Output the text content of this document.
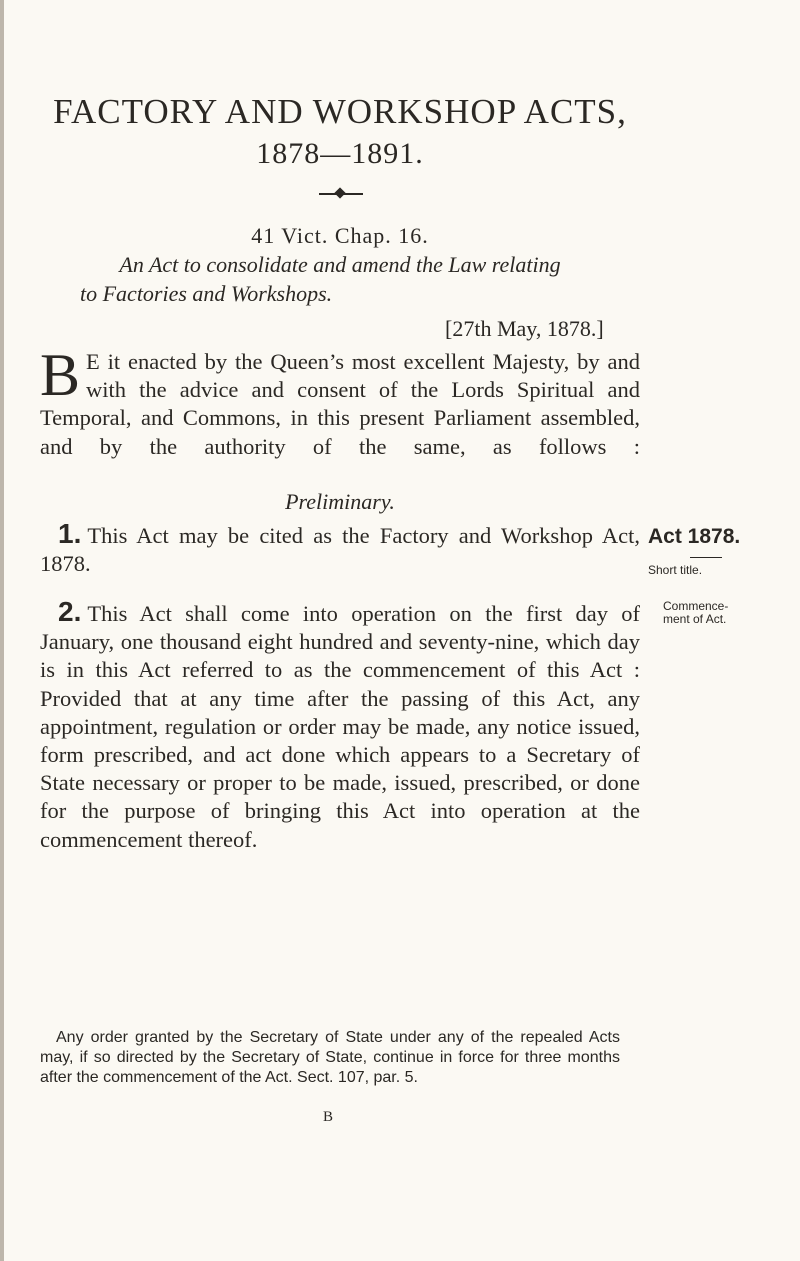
FACTORY AND WORKSHOP ACTS,
1878—1891.
41 Vict. Chap. 16.
An Act to consolidate and amend the Law relating
to Factories and Workshops.
[27th May, 1878.]
B E it enacted by the Queen’s most excellent Majesty, by and with the advice and consent of the Lords Spiritual and Temporal, and Commons, in this present Parliament assembled, and by the authority of the same, as follows :
Preliminary.
1. This Act may be cited as the Factory and Workshop Act, 1878.
2. This Act shall come into operation on the first day of January, one thousand eight hundred and seventy-nine, which day is in this Act referred to as the commencement of this Act : Provided that at any time after the passing of this Act, any appointment, regulation or order may be made, any notice issued, form prescribed, and act done which appears to a Secretary of State necessary or proper to be made, issued, prescribed, or done for the purpose of bringing this Act into operation at the commencement thereof.
Act 1878.
Short title.
Commence-
ment of Act.
Any order granted by the Secretary of State under any of the repealed Acts may, if so directed by the Secretary of State, continue in force for three months after the commencement of the Act. Sect. 107, par. 5.
B
